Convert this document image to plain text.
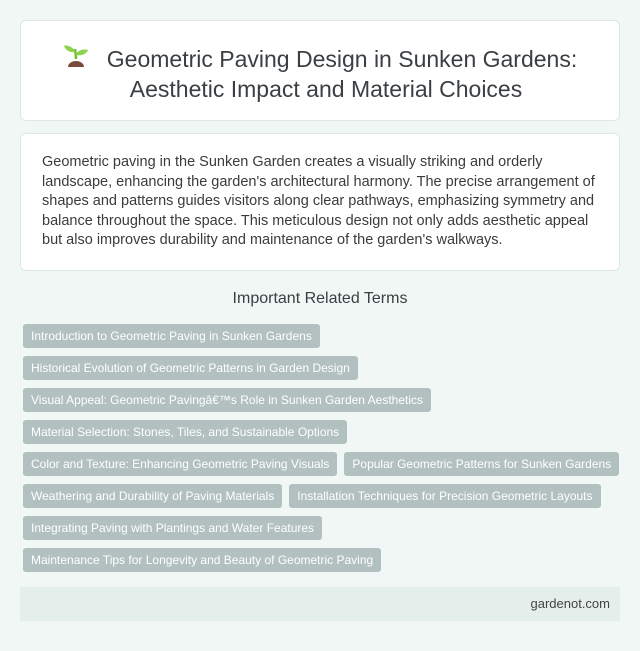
Geometric Paving Design in Sunken Gardens:
Aesthetic Impact and Material Choices

Geometric paving in the Sunken Garden creates a visually striking and orderly landscape, enhancing the garden's architectural harmony. The precise arrangement of shapes and patterns guides visitors along clear pathways, emphasizing symmetry and balance throughout the space. This meticulous design not only adds aesthetic appeal but also improves durability and maintenance of the garden's walkways.

Important Related Terms
Introduction to Geometric Paving in Sunken Gardens
Historical Evolution of Geometric Patterns in Garden Design
Visual Appeal: Geometric Pavingâ€™s Role in Sunken Garden Aesthetics
Material Selection: Stones, Tiles, and Sustainable Options
Color and Texture: Enhancing Geometric Paving Visuals	Popular Geometric Patterns for Sunken Gardens
Weathering and Durability of Paving Materials	Installation Techniques for Precision Geometric Layouts
Integrating Paving with Plantings and Water Features
Maintenance Tips for Longevity and Beauty of Geometric Paving
gardenot.com
